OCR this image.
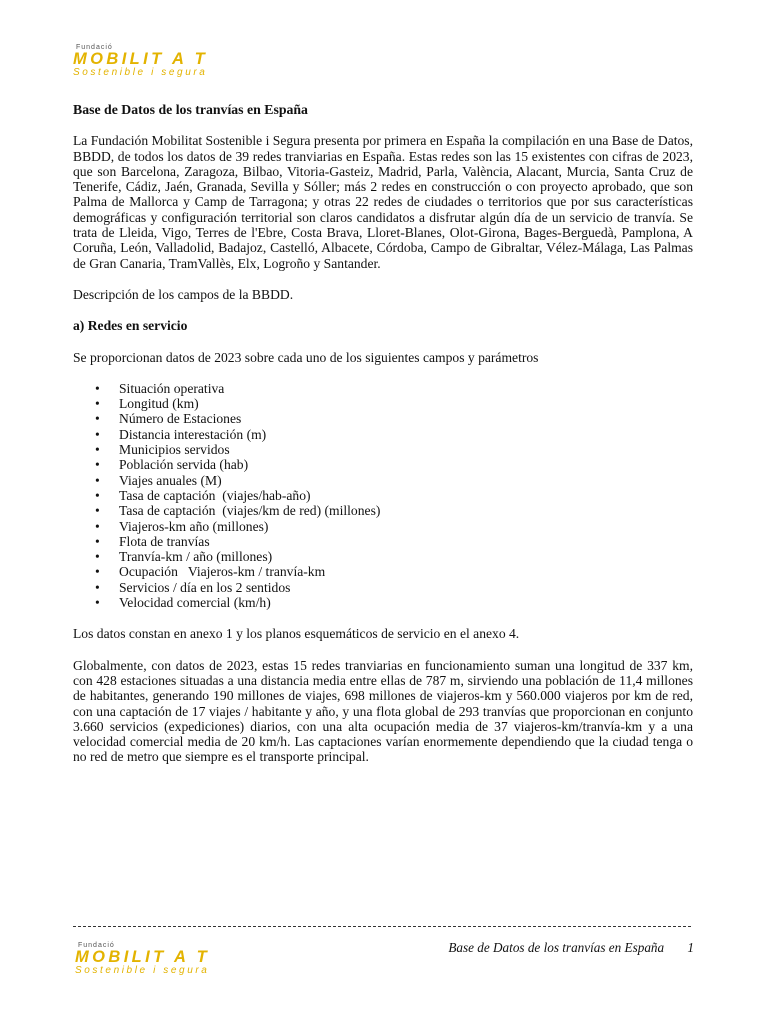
Fundació
MOBILIT A T
Sostenible i segura

Base de Datos de los tranvías en España

La Fundación Mobilitat Sostenible i Segura presenta por primera en España la compilación en una Base de Datos, BBDD, de todos los datos de 39 redes tranviarias en España. Estas redes son las 15 existentes con cifras de 2023, que son Barcelona, Zaragoza, Bilbao, Vitoria-Gasteiz, Madrid, Parla, València, Alacant, Murcia, Santa Cruz de Tenerife, Cádiz, Jaén, Granada, Sevilla y Sóller; más 2 redes en construcción o con proyecto aprobado, que son Palma de Mallorca y Camp de Tarragona; y otras 22 redes de ciudades o territorios que por sus características demográficas y configuración territorial son claros candidatos a disfrutar algún día de un servicio de tranvía. Se trata de Lleida, Vigo, Terres de l'Ebre, Costa Brava, Lloret-Blanes, Olot-Girona, Bages-Berguedà, Pamplona, A Coruña, León, Valladolid, Badajoz, Castelló, Albacete, Córdoba, Campo de Gibraltar, Vélez-Málaga, Las Palmas de Gran Canaria, TramVallès, Elx, Logroño y Santander.

Descripción de los campos de la BBDD.

a) Redes en servicio

Se proporcionan datos de 2023 sobre cada uno de los siguientes campos y parámetros

• Situación operativa
• Longitud (km)
• Número de Estaciones
• Distancia interestación (m)
• Municipios servidos
• Población servida (hab)
• Viajes anuales (M)
• Tasa de captación  (viajes/hab-año)
• Tasa de captación  (viajes/km de red) (millones)
• Viajeros-km año (millones)
• Flota de tranvías
• Tranvía-km / año (millones)
• Ocupación   Viajeros-km / tranvía-km
• Servicios / día en los 2 sentidos
• Velocidad comercial (km/h)

Los datos constan en anexo 1 y los planos esquemáticos de servicio en el anexo 4.

Globalmente, con datos de 2023, estas 15 redes tranviarias en funcionamiento suman una longitud de 337 km, con 428 estaciones situadas a una distancia media entre ellas de 787 m, sirviendo una población de 11,4 millones de habitantes, generando 190 millones de viajes, 698 millones de viajeros-km y 560.000 viajeros por km de red, con una captación de 17 viajes / habitante y año, y una flota global de 293 tranvías que proporcionan en conjunto 3.660 servicios (expediciones) diarios, con una alta ocupación media de 37 viajeros-km/tranvía-km y a una velocidad comercial media de 20 km/h. Las captaciones varían enormemente dependiendo que la ciudad tenga o no red de metro que siempre es el transporte principal.

Base de Datos de los tranvías en España 1
Fundació
MOBILIT A T
Sostenible i segura
